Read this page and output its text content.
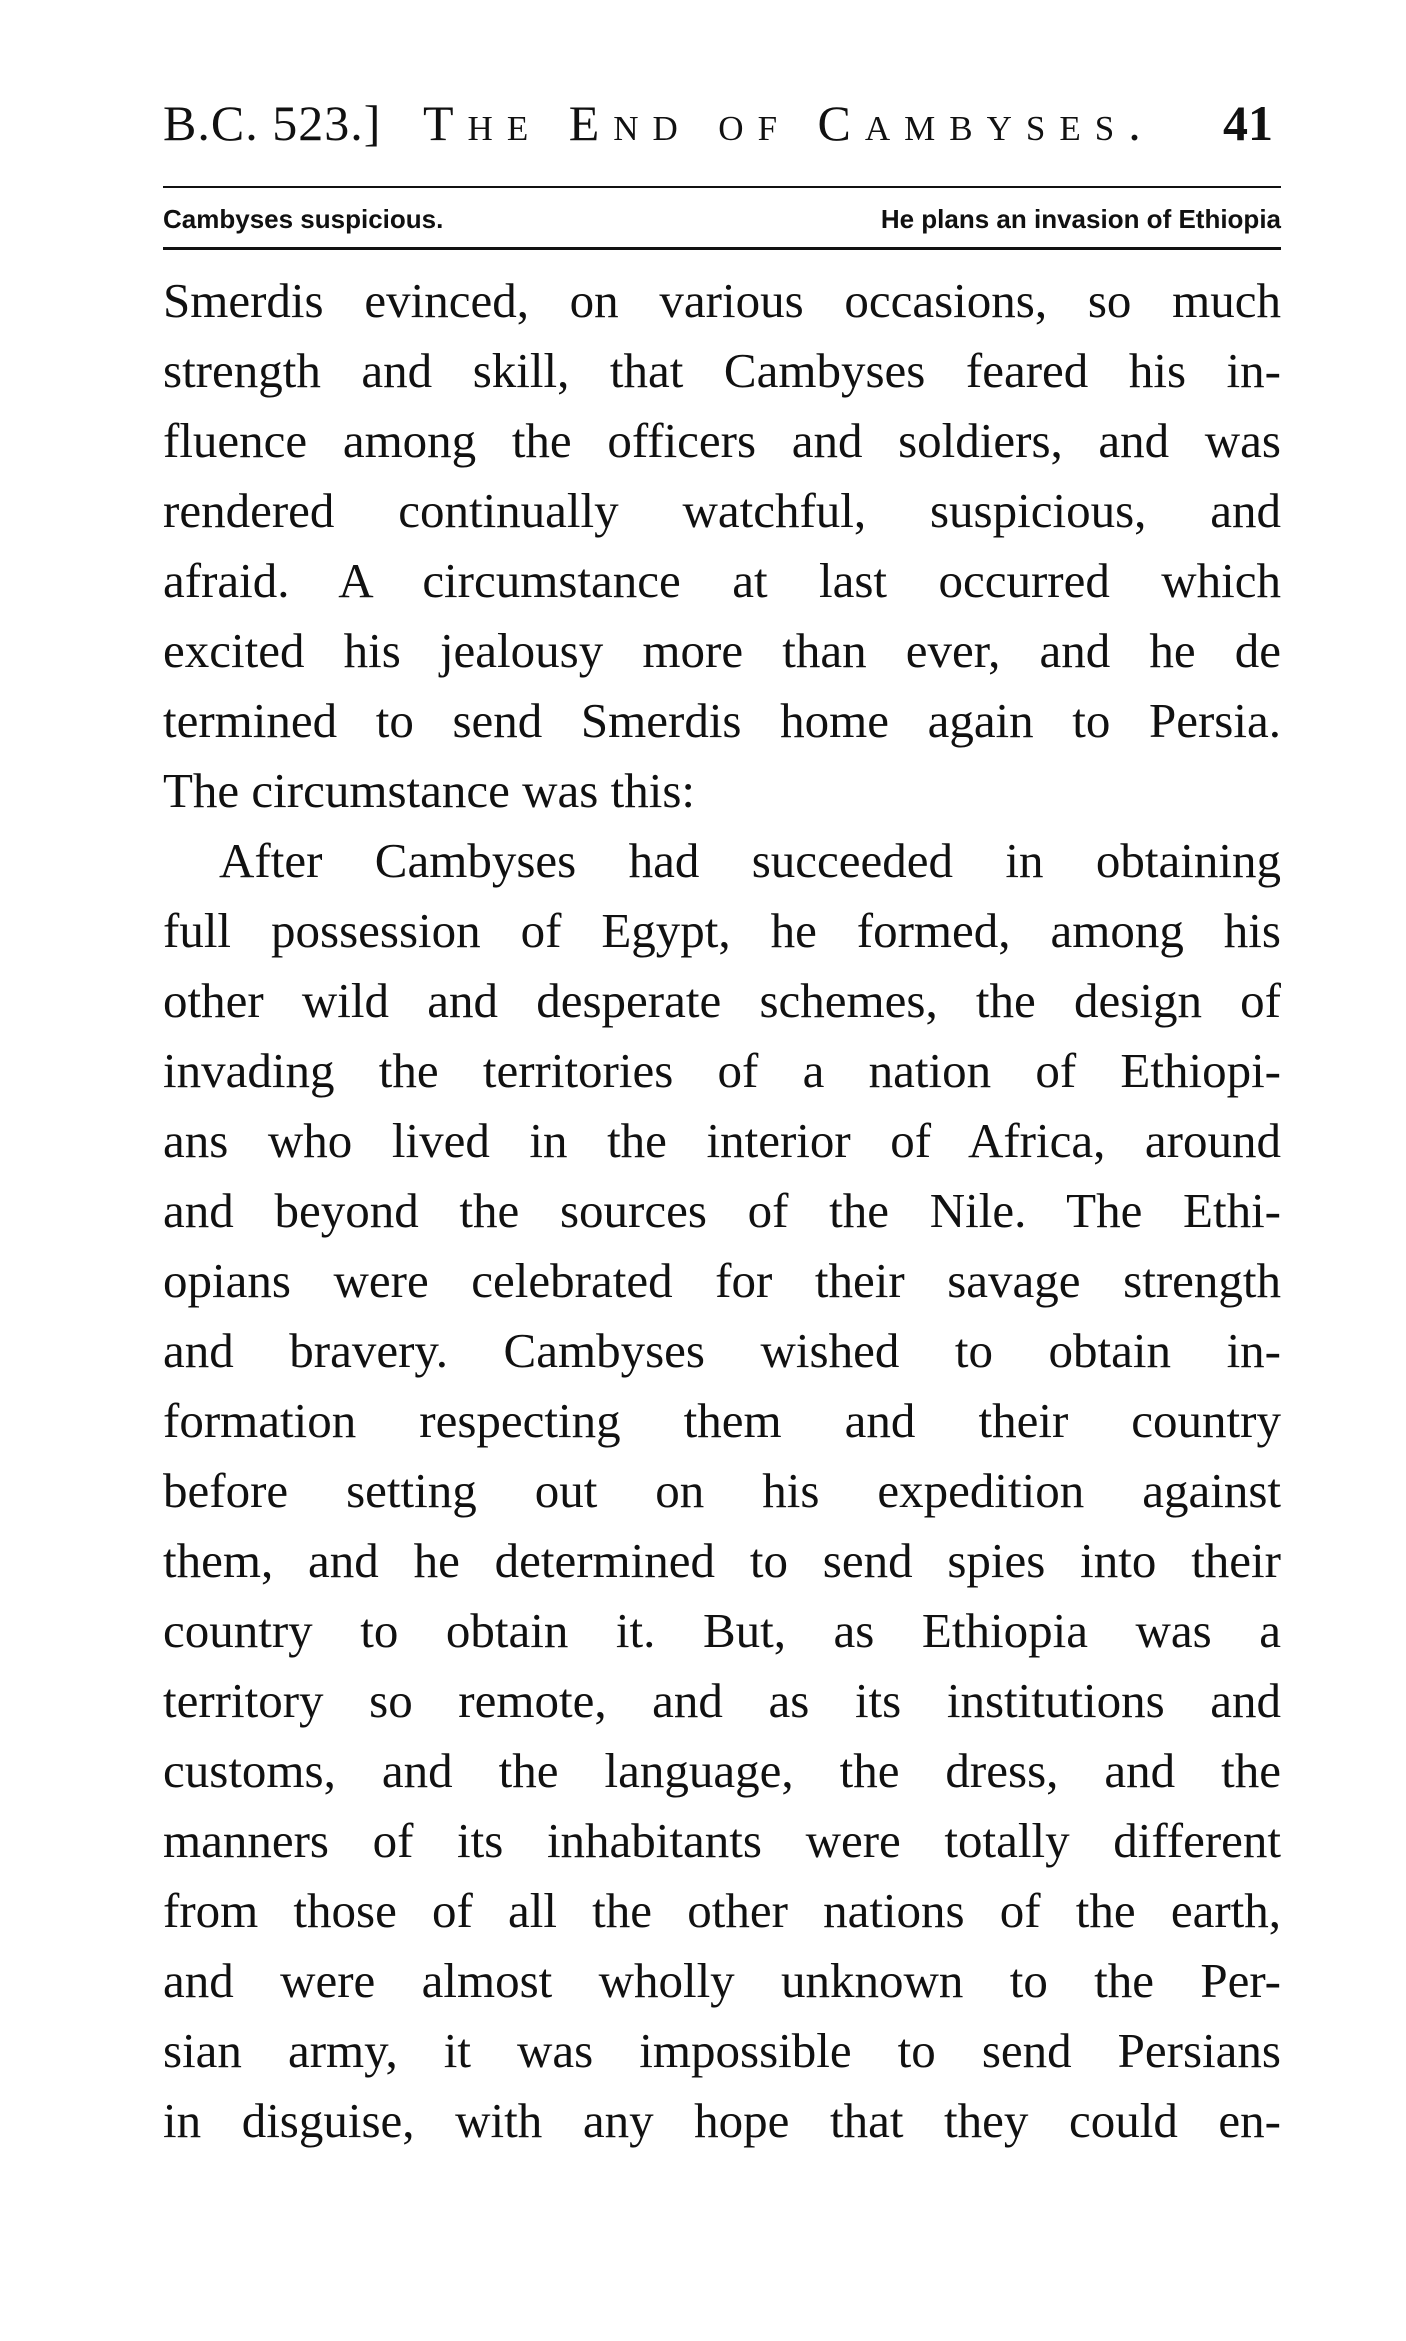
B.C. 523.] The End of Cambyses. 41
Cambyses suspicious.	He plans an invasion of Ethiopia
Smerdis evinced, on various occasions, so much
strength and skill, that Cambyses feared his in-
fluence among the officers and soldiers, and was
rendered continually watchful, suspicious, and
afraid. A circumstance at last occurred which
excited his jealousy more than ever, and he de
termined to send Smerdis home again to Persia.
The circumstance was this:
After Cambyses had succeeded in obtaining
full possession of Egypt, he formed, among his
other wild and desperate schemes, the design of
invading the territories of a nation of Ethiopi-
ans who lived in the interior of Africa, around
and beyond the sources of the Nile. The Ethi-
opians were celebrated for their savage strength
and bravery. Cambyses wished to obtain in-
formation respecting them and their country
before setting out on his expedition against
them, and he determined to send spies into their
country to obtain it. But, as Ethiopia was a
territory so remote, and as its institutions and
customs, and the language, the dress, and the
manners of its inhabitants were totally different
from those of all the other nations of the earth,
and were almost wholly unknown to the Per-
sian army, it was impossible to send Persians
in disguise, with any hope that they could en-
